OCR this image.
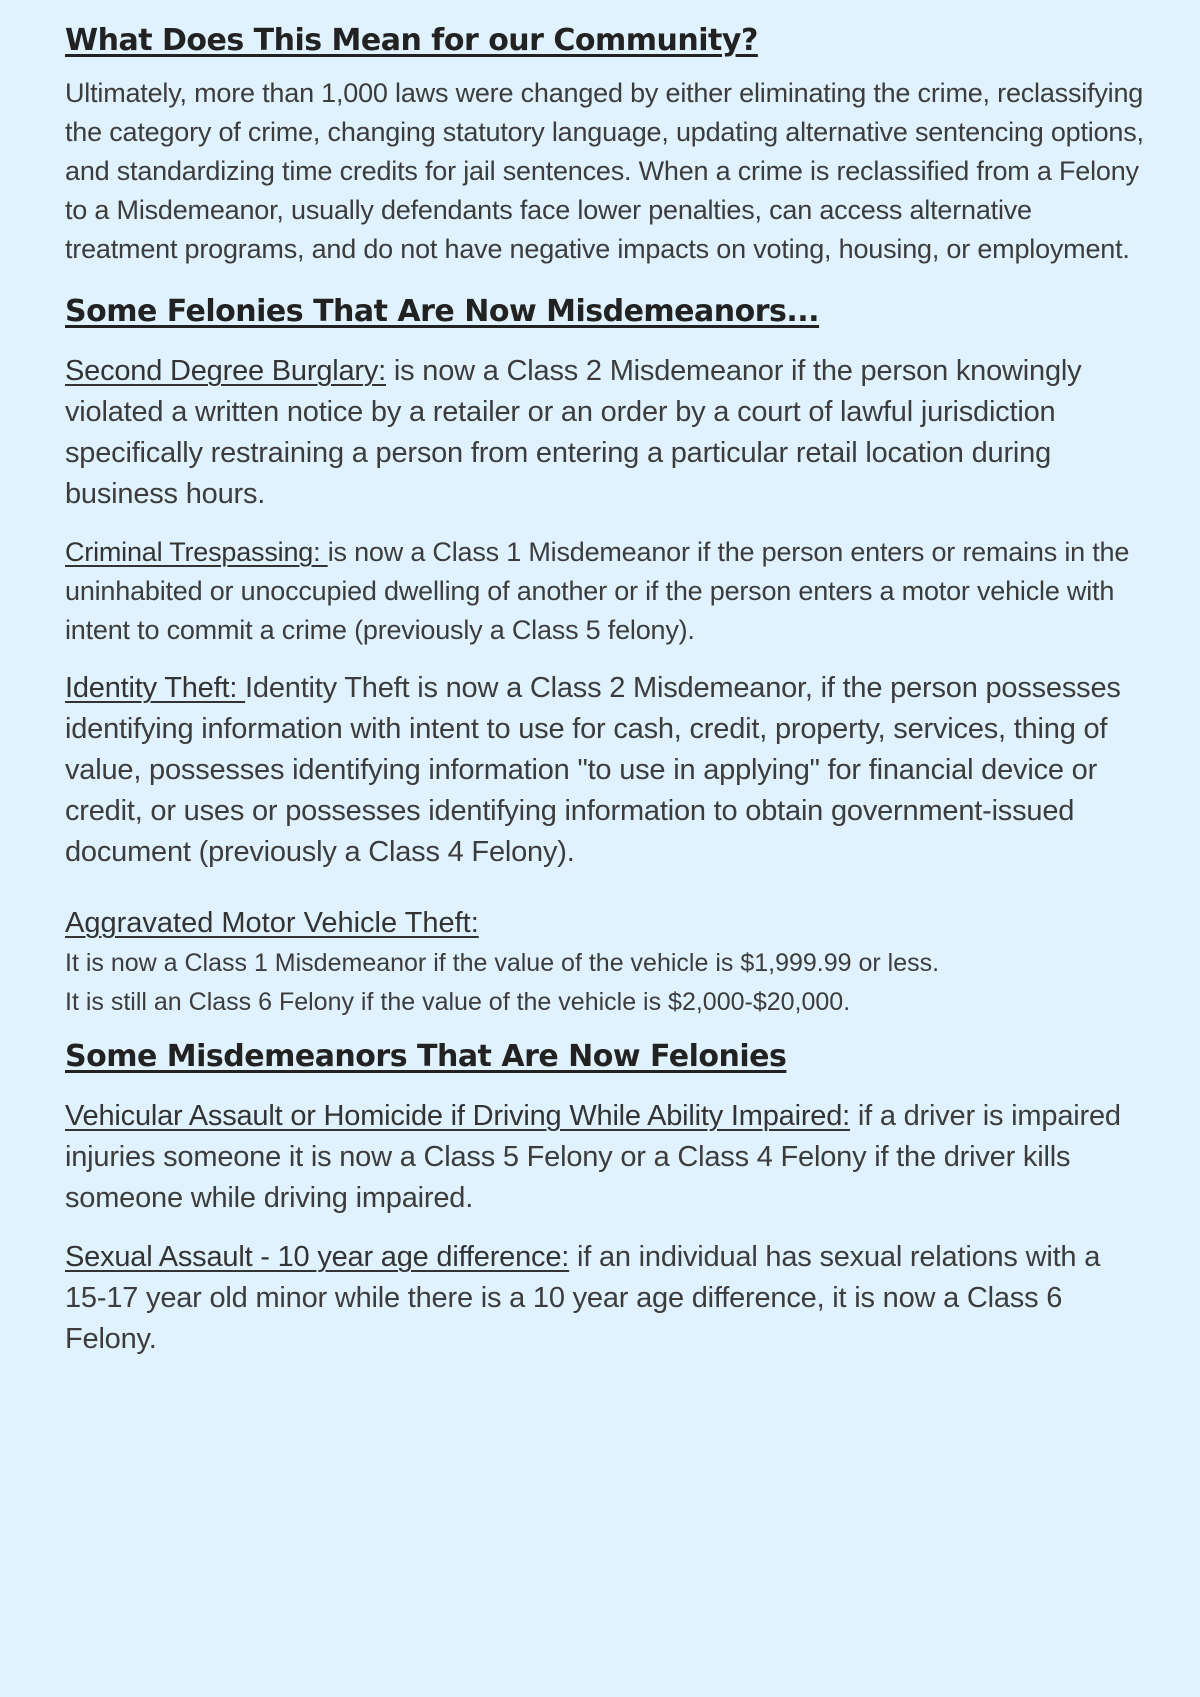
What Does This Mean for our Community?

Ultimately, more than 1,000 laws were changed by either eliminating the crime, reclassifying the category of crime, changing statutory language, updating alternative sentencing options, and standardizing time credits for jail sentences. When a crime is reclassified from a Felony to a Misdemeanor, usually defendants face lower penalties, can access alternative treatment programs, and do not have negative impacts on voting, housing, or employment.

Some Felonies That Are Now Misdemeanors...

Second Degree Burglary: is now a Class 2 Misdemeanor if the person knowingly violated a written notice by a retailer or an order by a court of lawful jurisdiction specifically restraining a person from entering a particular retail location during business hours.

Criminal Trespassing: is now a Class 1 Misdemeanor if the person enters or remains in the uninhabited or unoccupied dwelling of another or if the person enters a motor vehicle with intent to commit a crime (previously a Class 5 felony).

Identity Theft: Identity Theft is now a Class 2 Misdemeanor, if the person possesses identifying information with intent to use for cash, credit, property, services, thing of value, possesses identifying information "to use in applying" for financial device or credit, or uses or possesses identifying information to obtain government-issued document (previously a Class 4 Felony).

Aggravated Motor Vehicle Theft:

It is now a Class 1 Misdemeanor if the value of the vehicle is $1,999.99 or less.

It is still an Class 6 Felony if the value of the vehicle is $2,000-$20,000.

Some Misdemeanors That Are Now Felonies

Vehicular Assault or Homicide if Driving While Ability Impaired: if a driver is impaired injuries someone it is now a Class 5 Felony or a Class 4 Felony if the driver kills someone while driving impaired.

Sexual Assault - 10 year age difference: if an individual has sexual relations with a 15-17 year old minor while there is a 10 year age difference, it is now a Class 6 Felony.
